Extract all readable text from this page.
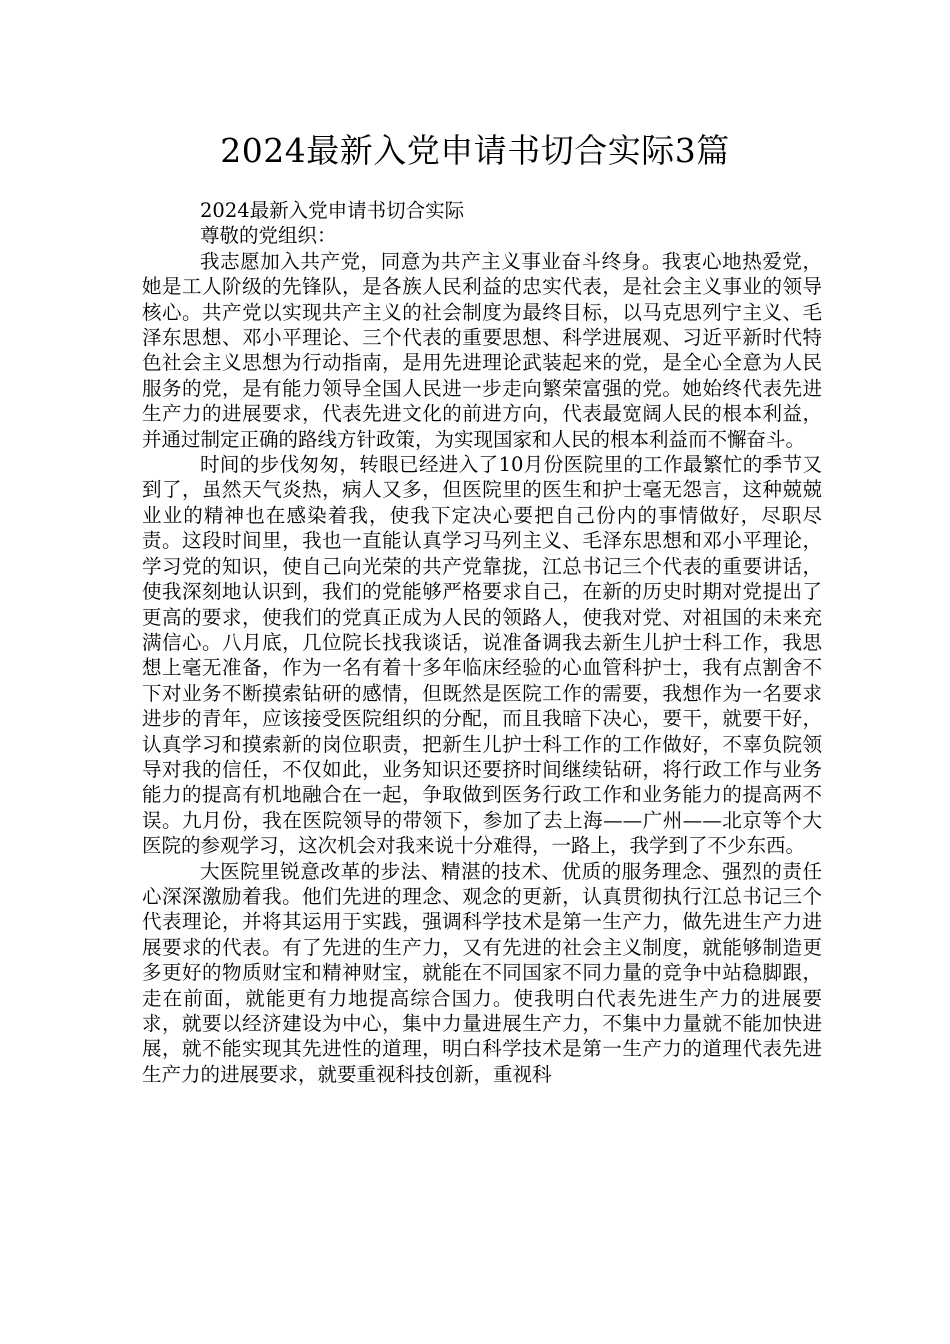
2024最新入党申请书切合实际3篇

2024最新入党申请书切合实际

尊敬的党组织：

我志愿加入共产党，同意为共产主义事业奋斗终身。我衷心地热爱党，她是工人阶级的先锋队，是各族人民利益的忠实代表，是社会主义事业的领导核心。共产党以实现共产主义的社会制度为最终目标，以马克思列宁主义、毛泽东思想、邓小平理论、三个代表的重要思想、科学进展观、习近平新时代特色社会主义思想为行动指南，是用先进理论武装起来的党，是全心全意为人民服务的党，是有能力领导全国人民进一步走向繁荣富强的党。她始终代表先进生产力的进展要求，代表先进文化的前进方向，代表最宽阔人民的根本利益，并通过制定正确的路线方针政策，为实现国家和人民的根本利益而不懈奋斗。

时间的步伐匆匆，转眼已经进入了10月份医院里的工作最繁忙的季节又到了，虽然天气炎热，病人又多，但医院里的医生和护士毫无怨言，这种兢兢业业的精神也在感染着我，使我下定决心要把自己份内的事情做好，尽职尽责。这段时间里，我也一直能认真学习马列主义、毛泽东思想和邓小平理论，学习党的知识，使自己向光荣的共产党靠拢，江总书记三个代表的重要讲话，使我深刻地认识到，我们的党能够严格要求自己，在新的历史时期对党提出了更高的要求，使我们的党真正成为人民的领路人，使我对党、对祖国的未来充满信心。八月底，几位院长找我谈话，说准备调我去新生儿护士科工作，我思想上毫无准备，作为一名有着十多年临床经验的心血管科护士，我有点割舍不下对业务不断摸索钻研的感情，但既然是医院工作的需要，我想作为一名要求进步的青年，应该接受医院组织的分配，而且我暗下决心，要干，就要干好，认真学习和摸索新的岗位职责，把新生儿护士科工作的工作做好，不辜负院领导对我的信任，不仅如此，业务知识还要挤时间继续钻研，将行政工作与业务能力的提高有机地融合在一起，争取做到医务行政工作和业务能力的提高两不误。九月份，我在医院领导的带领下，参加了去上海——广州——北京等个大医院的参观学习，这次机会对我来说十分难得，一路上，我学到了不少东西。

大医院里锐意改革的步法、精湛的技术、优质的服务理念、强烈的责任心深深激励着我。他们先进的理念、观念的更新，认真贯彻执行江总书记三个代表理论，并将其运用于实践，强调科学技术是第一生产力，做先进生产力进展要求的代表。有了先进的生产力，又有先进的社会主义制度，就能够制造更多更好的物质财宝和精神财宝，就能在不同国家不同力量的竞争中站稳脚跟，走在前面，就能更有力地提高综合国力。使我明白代表先进生产力的进展要求，就要以经济建设为中心，集中力量进展生产力，不集中力量就不能加快进展，就不能实现其先进性的道理，明白科学技术是第一生产力的道理代表先进生产力的进展要求，就要重视科技创新，重视科
